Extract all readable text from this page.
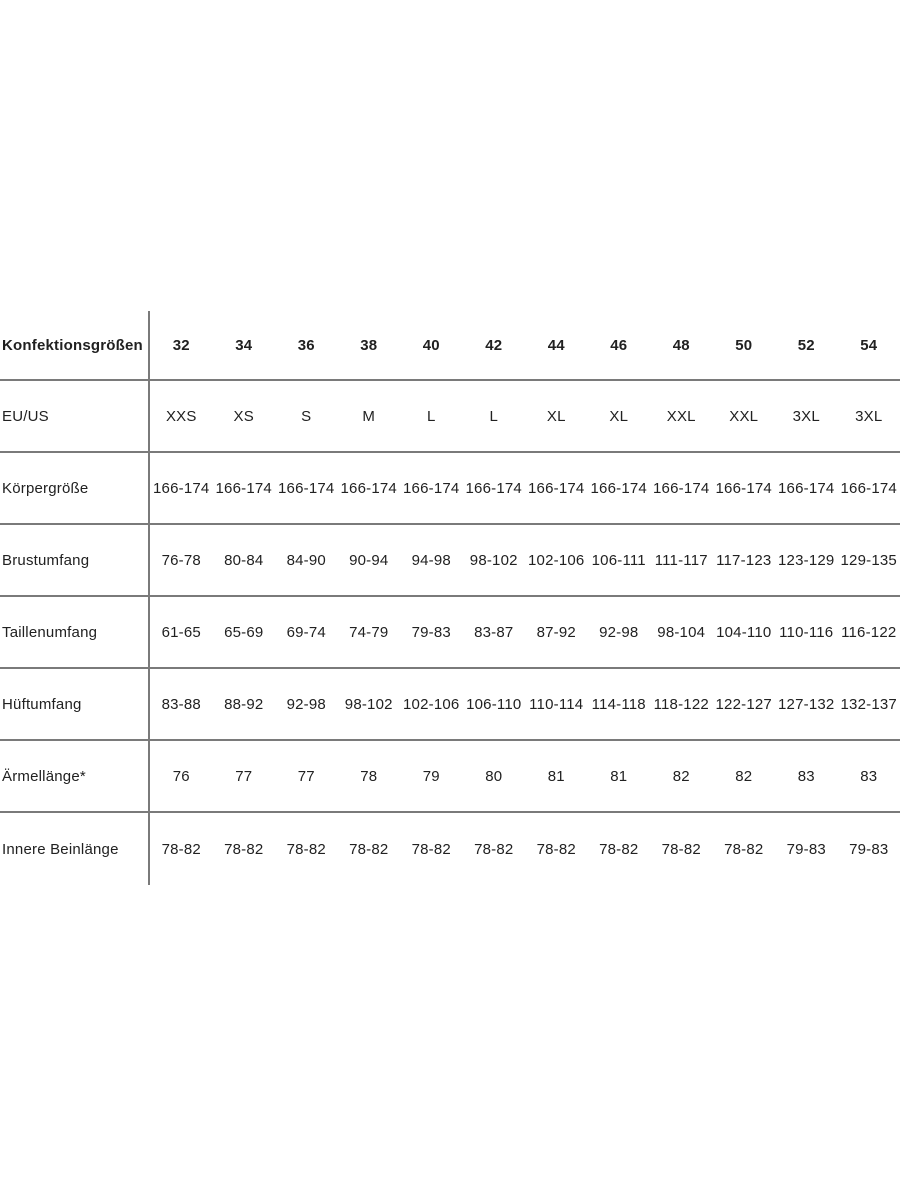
Konfektionsgrößen	32	34	36	38	40	42	44	46	48	50	52	54
EU/US	XXS	XS	S	M	L	L	XL	XL	XXL	XXL	3XL	3XL
Körpergröße	166-174 166-174 166-174 166-174 166-174 166-174 166-174 166-174 166-174 166-174 166-174 166-174
Brustumfang	76-78	80-84	84-90	90-94	94-98	98-102 102-106 106-111 111-117 117-123 123-129 129-135
Taillenumfang	61-65	65-69	69-74	74-79	79-83	83-87	87-92	92-98	98-104 104-110 110-116 116-122
Hüftumfang	83-88	88-92	92-98	98-102 102-106 106-110 110-114 114-118 118-122 122-127 127-132 132-137
Ärmellänge*	76	77	77	78	79	80	81	81	82	82	83	83
Innere Beinlänge	78-82	78-82	78-82	78-82	78-82	78-82	78-82	78-82	78-82	78-82	79-83	79-83
